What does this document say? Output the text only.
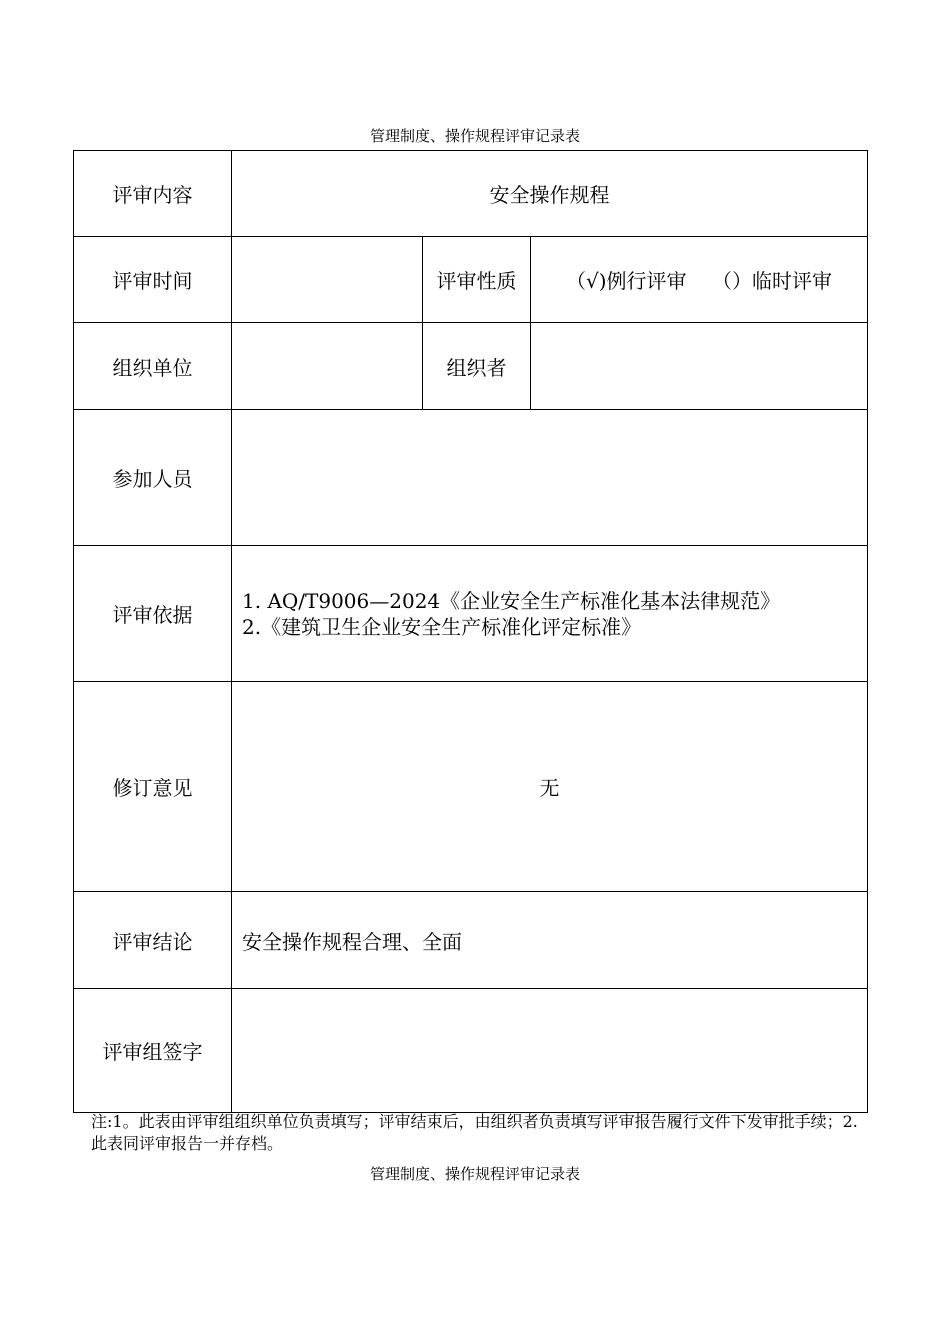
管理制度、操作规程评审记录表
评审内容	安全操作规程		
评审时间		评审性质	（√)例行评审    （）临时评审
组织单位		组织者	
参加人员			
评审依据	1. AQ/T9006—2024《企业安全生产标准化基本法律规范》
2.《建筑卫生企业安全生产标准化评定标准》		

修订意见	无		
评审结论	安全操作规程合理、全面		
评审组签字			
注:1。此表由评审组组织单位负责填写；评审结束后，由组织者负责填写评审报告履行文件下发审批手续；2.此表同评审报告一并存档。
管理制度、操作规程评审记录表
